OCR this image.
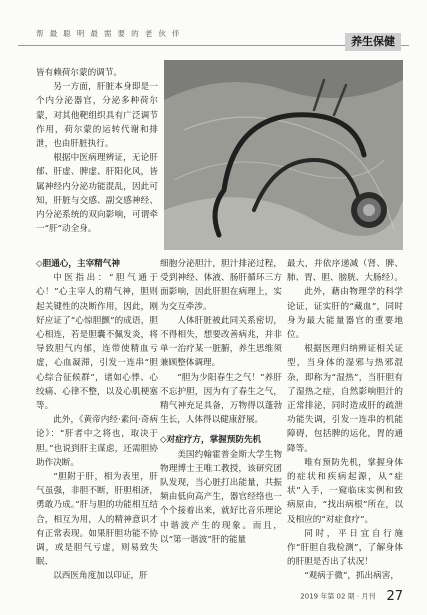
帮最聪明最需要的老伙伴
养生保健

皆有赖荷尔蒙的调节。

另一方面，肝脏本身即是一个内分泌器官，分泌多种荷尔蒙，对其他靶组织具有广泛调节作用，荷尔蒙的运转代谢和排泄，也由肝脏执行。

根据中医病理辨证，无论肝郁、肝虚、脾虚、肝阳化风，皆属神经内分泌功能混乱，因此可知，肝脏与交感、副交感神经、内分泌系统的双向影响，可谓牵一“肝”动全身。

◇胆通心，主宰精气神

中医指出：“胆气通于心！”心主宰人的精气神，胆则起关键性的决断作用，因此，刚好应证了“心惊胆颤”的成语，胆心相连，若是胆囊不佩发炎，将导致胆气内郁，连带使精血亏虚，心血凝滞，引发一连串“胆心综合征候群”，诸如心悸、心绞痛、心律不整，以及心肌梗塞等。

此外，《黄帝内经·素问·奇病论》：“肝者中之将也，取决于胆。”也说到肝主谋虑，还需胆协助作决断。

“胆附于肝，相为表里，肝气虽强，非胆不断，肝胆相济，勇敢乃成。”肝与胆的功能相互结合，相互为用，人的精神意识才有正常表现。如果肝胆功能不协调，或是胆气亏虚，则易致失眠、

以西医角度加以印证，肝

细胞分泌胆汁，胆汁排泌过程，受到神经、体液、肠肝循环三方面影响，因此肝胆在病理上，实为交互牵涉。

人体肝脏被此同关系密切，不得相失，想要改善病兆，并非单一治疗某一脏腑，养生思维须兼顾整体调理。

“胆为少阳春生之气！”养肝不忘护胆，因为有了春生之气，精气神充足具备，万物得以蓬勃生长，人体得以健康舒展。

◇对症疗方，掌握预防先机

美国约翰霍普金斯大学生物物理博士王唯工教授，该研究团队发现，当心脏打出能量，共振频由低向高产生，器官经络也一个个接着出来，就好比音乐理论中谐波产生的现象。而且，以“第一谐波”肝的能量

最大，并依序递减（肾、脾、肺、胃、胆、膀胱、大肠经）。

此外，藉由物理学的科学论证，证实肝的“藏血”，同时身为最大能量器官的重要地位。

根据医理归纳辨证相关证型，当身体的湿邪与热邪混杂，即称为“湿热”，当肝胆有了湿热之症，自然影响胆汁的正常排泌，同时造成肝的疏泄功能失调，引发一连串的机能障碍，包括脾的运化，胃的通降等。

唯有预防先机，掌握身体的症状和疾病起源，从“症状”入手，一窥临床实例和致病原由，“找出病根”所在，以及相应的“对症食疗”。

同时，平日宜自行施作“肝胆自我检测”，了解身体的肝胆是否出了状况！

“观病于微”，抓出病害，

2019 年第 02 期 · 月刊 27
